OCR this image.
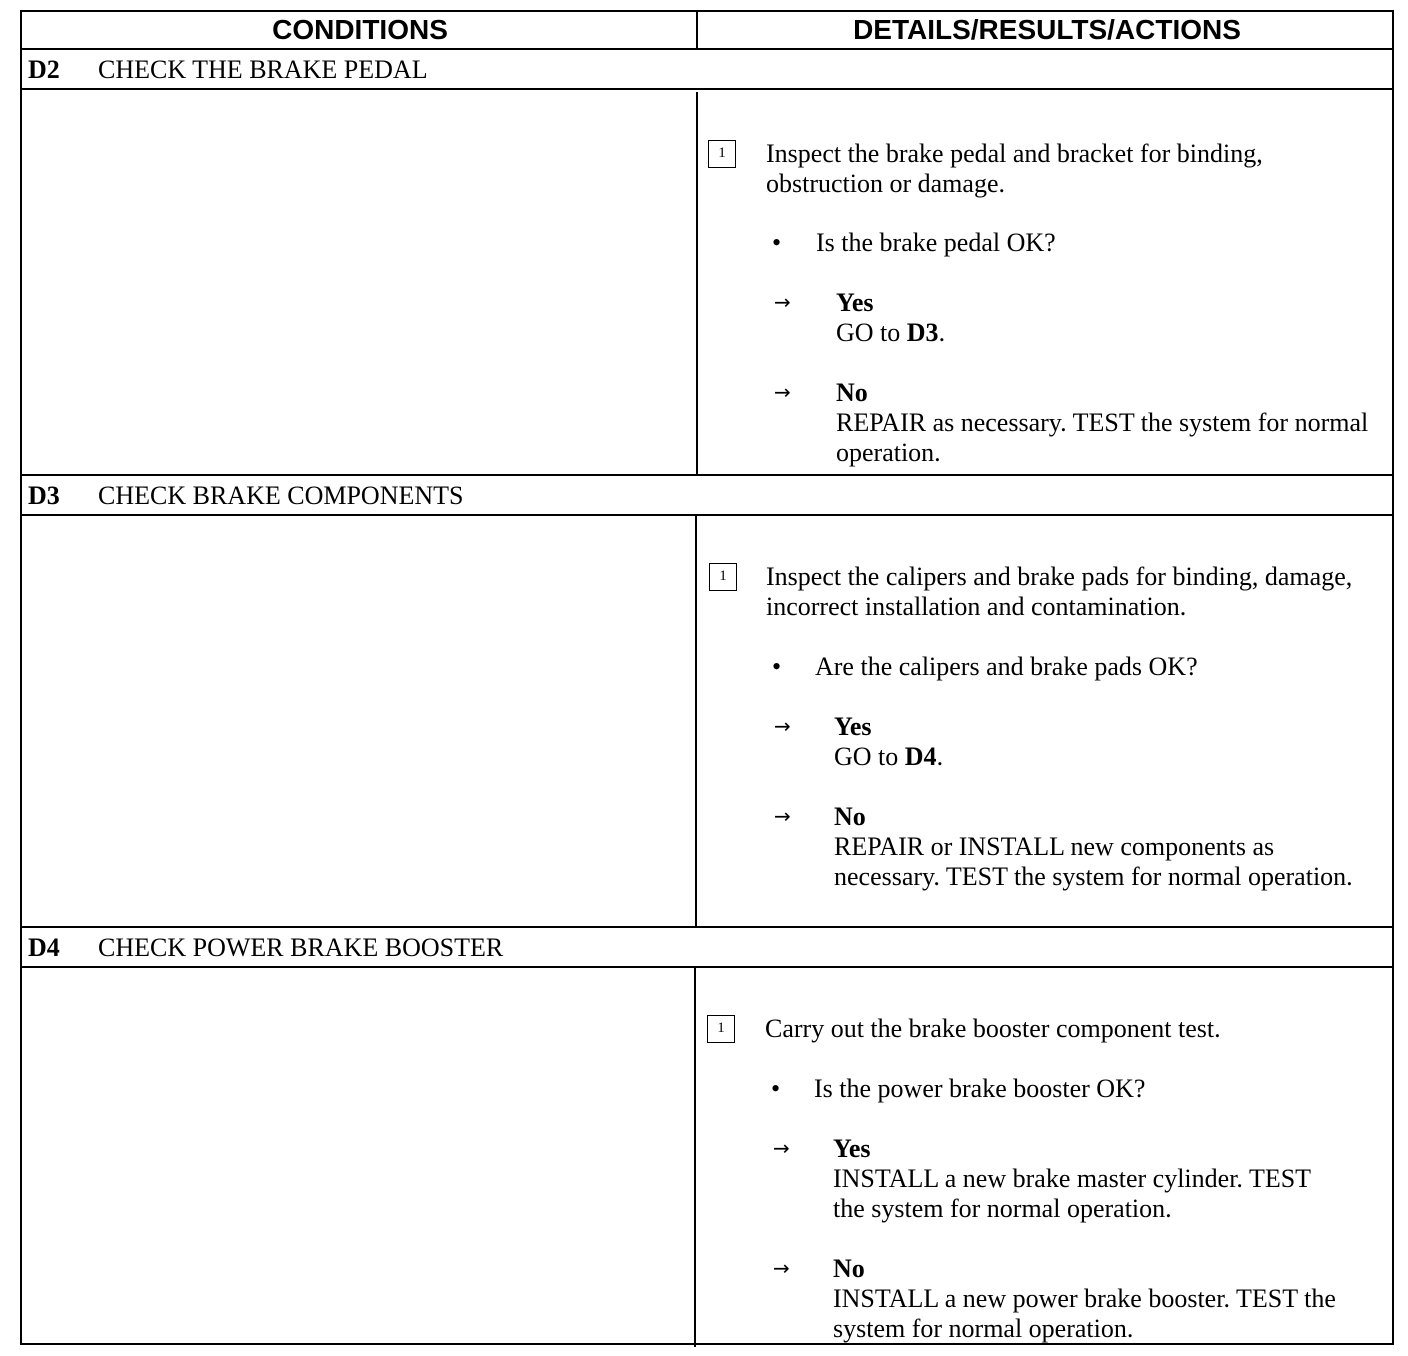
CONDITIONS	DETAILS/RESULTS/ACTIONS
D2 CHECK THE BRAKE PEDAL
1	Inspect the brake pedal and bracket for binding, obstruction or damage.
• Is the brake pedal OK?
→ Yes
GO to D3.
→ No
REPAIR as necessary. TEST the system for normal operation.
D3 CHECK BRAKE COMPONENTS
1	Inspect the calipers and brake pads for binding, damage, incorrect installation and contamination.
• Are the calipers and brake pads OK?
→ Yes
GO to D4.
→ No
REPAIR or INSTALL new components as necessary. TEST the system for normal operation.
D4 CHECK POWER BRAKE BOOSTER
1	Carry out the brake booster component test.
• Is the power brake booster OK?
→ Yes
INSTALL a new brake master cylinder. TEST the system for normal operation.
→ No
INSTALL a new power brake booster. TEST the system for normal operation.
